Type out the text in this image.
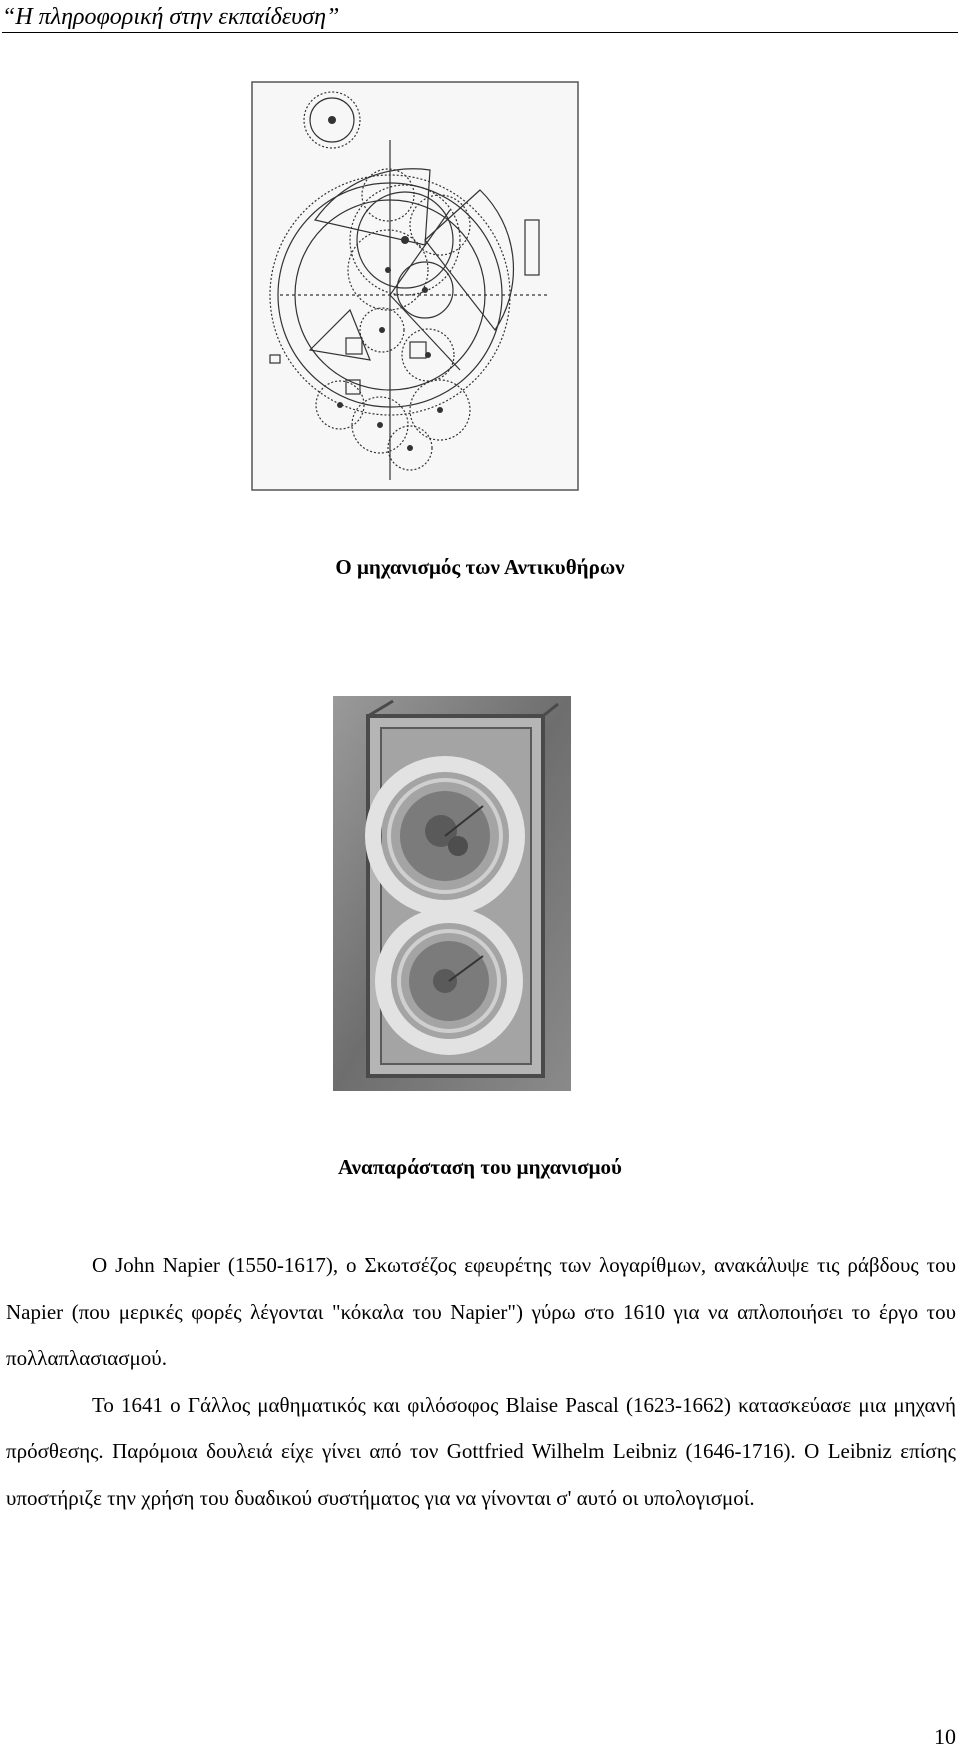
“Η πληροφορική στην εκπαίδευση”
Ο μηχανισμός των Αντικυθήρων
Αναπαράσταση του μηχανισμού

Ο John Napier (1550-1617), ο Σκωτσέζος εφευρέτης των λογαρίθμων, ανακάλυψε τις ράβδους του Napier (που μερικές φορές λέγονται "κόκαλα του Napier") γύρω στο 1610 για να απλοποιήσει το έργο του πολλαπλασιασμού.

Το 1641 ο Γάλλος μαθηματικός και φιλόσοφος Blaise Pascal (1623-1662) κατασκεύασε μια μηχανή πρόσθεσης. Παρόμοια δουλειά είχε γίνει από τον Gottfried Wilhelm Leibniz (1646-1716). Ο Leibniz επίσης υποστήριζε την χρήση του δυαδικού συστήματος για να γίνονται σ' αυτό οι υπολογισμοί.

10
